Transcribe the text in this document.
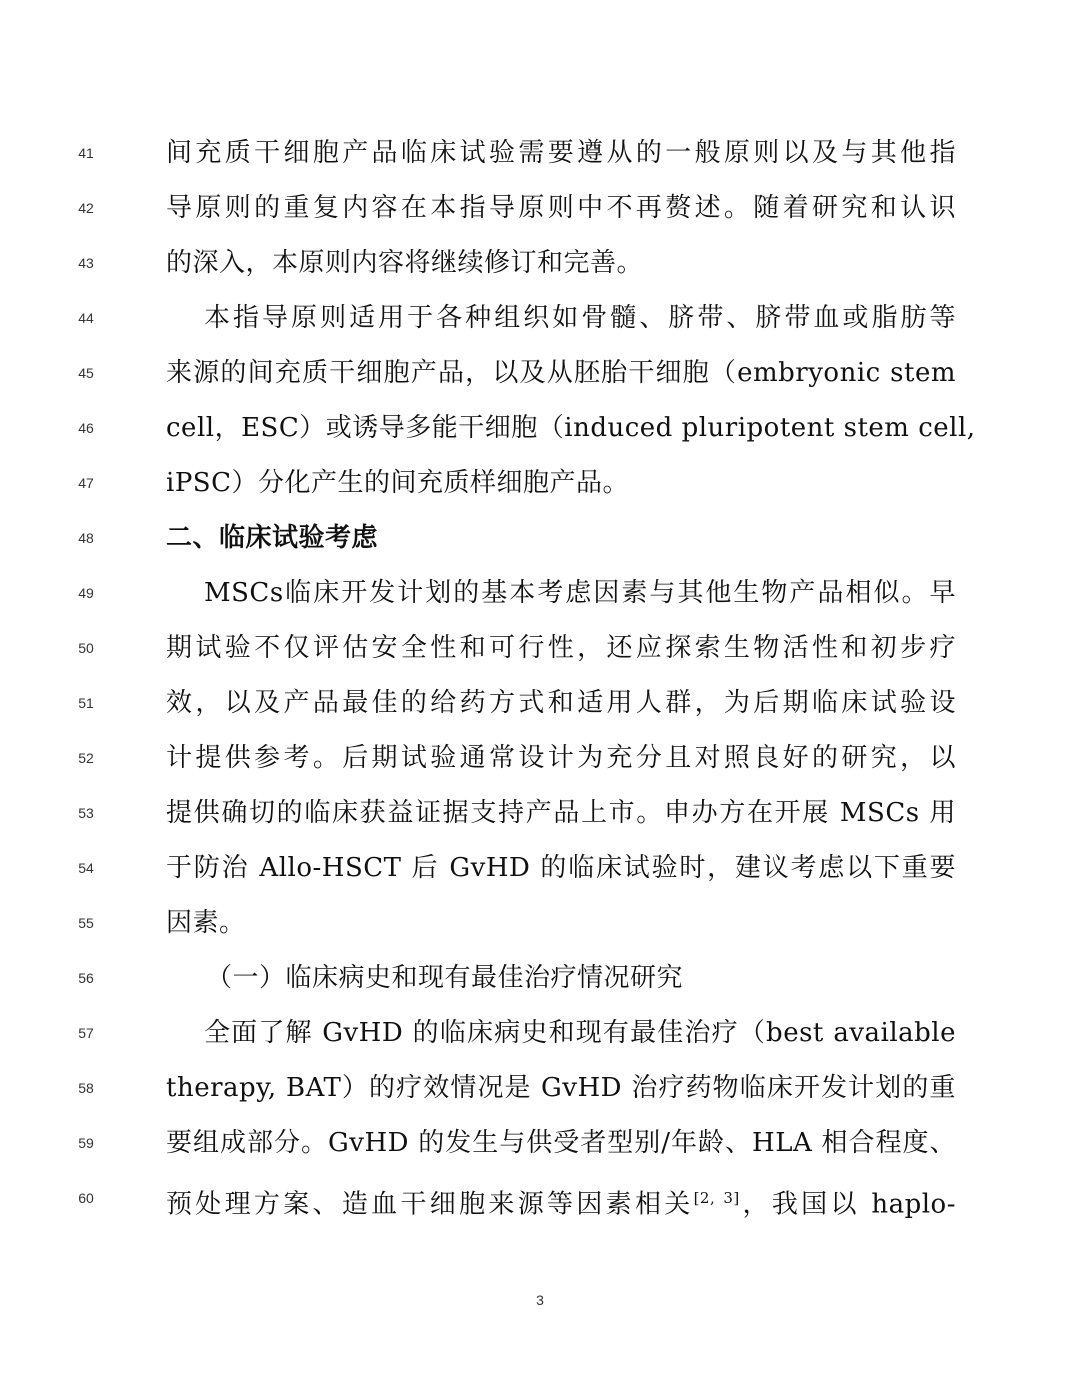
41	间充质干细胞产品临床试验需要遵从的一般原则以及与其他指
42	导原则的重复内容在本指导原则中不再赘述。随着研究和认识
43	的深入，本原则内容将继续修订和完善。
44	本指导原则适用于各种组织如骨髓、脐带、脐带血或脂肪等
45	来源的间充质干细胞产品，以及从胚胎干细胞（embryonic stem
46	cell，ESC）或诱导多能干细胞（induced pluripotent stem cell,
47	iPSC）分化产生的间充质样细胞产品。
48	二、临床试验考虑
49	MSCs临床开发计划的基本考虑因素与其他生物产品相似。早
50	期试验不仅评估安全性和可行性，还应探索生物活性和初步疗
51	效，以及产品最佳的给药方式和适用人群，为后期临床试验设
52	计提供参考。后期试验通常设计为充分且对照良好的研究，以
53	提供确切的临床获益证据支持产品上市。申办方在开展 MSCs 用
54	于防治 Allo-HSCT 后 GvHD 的临床试验时，建议考虑以下重要
55	因素。
56	（一）临床病史和现有最佳治疗情况研究
57	全面了解 GvHD 的临床病史和现有最佳治疗（best available
58	therapy, BAT）的疗效情况是 GvHD 治疗药物临床开发计划的重
59	要组成部分。GvHD 的发生与供受者型别/年龄、HLA 相合程度、
60	预处理方案、造血干细胞来源等因素相关[2, 3]，我国以 haplo-
3
